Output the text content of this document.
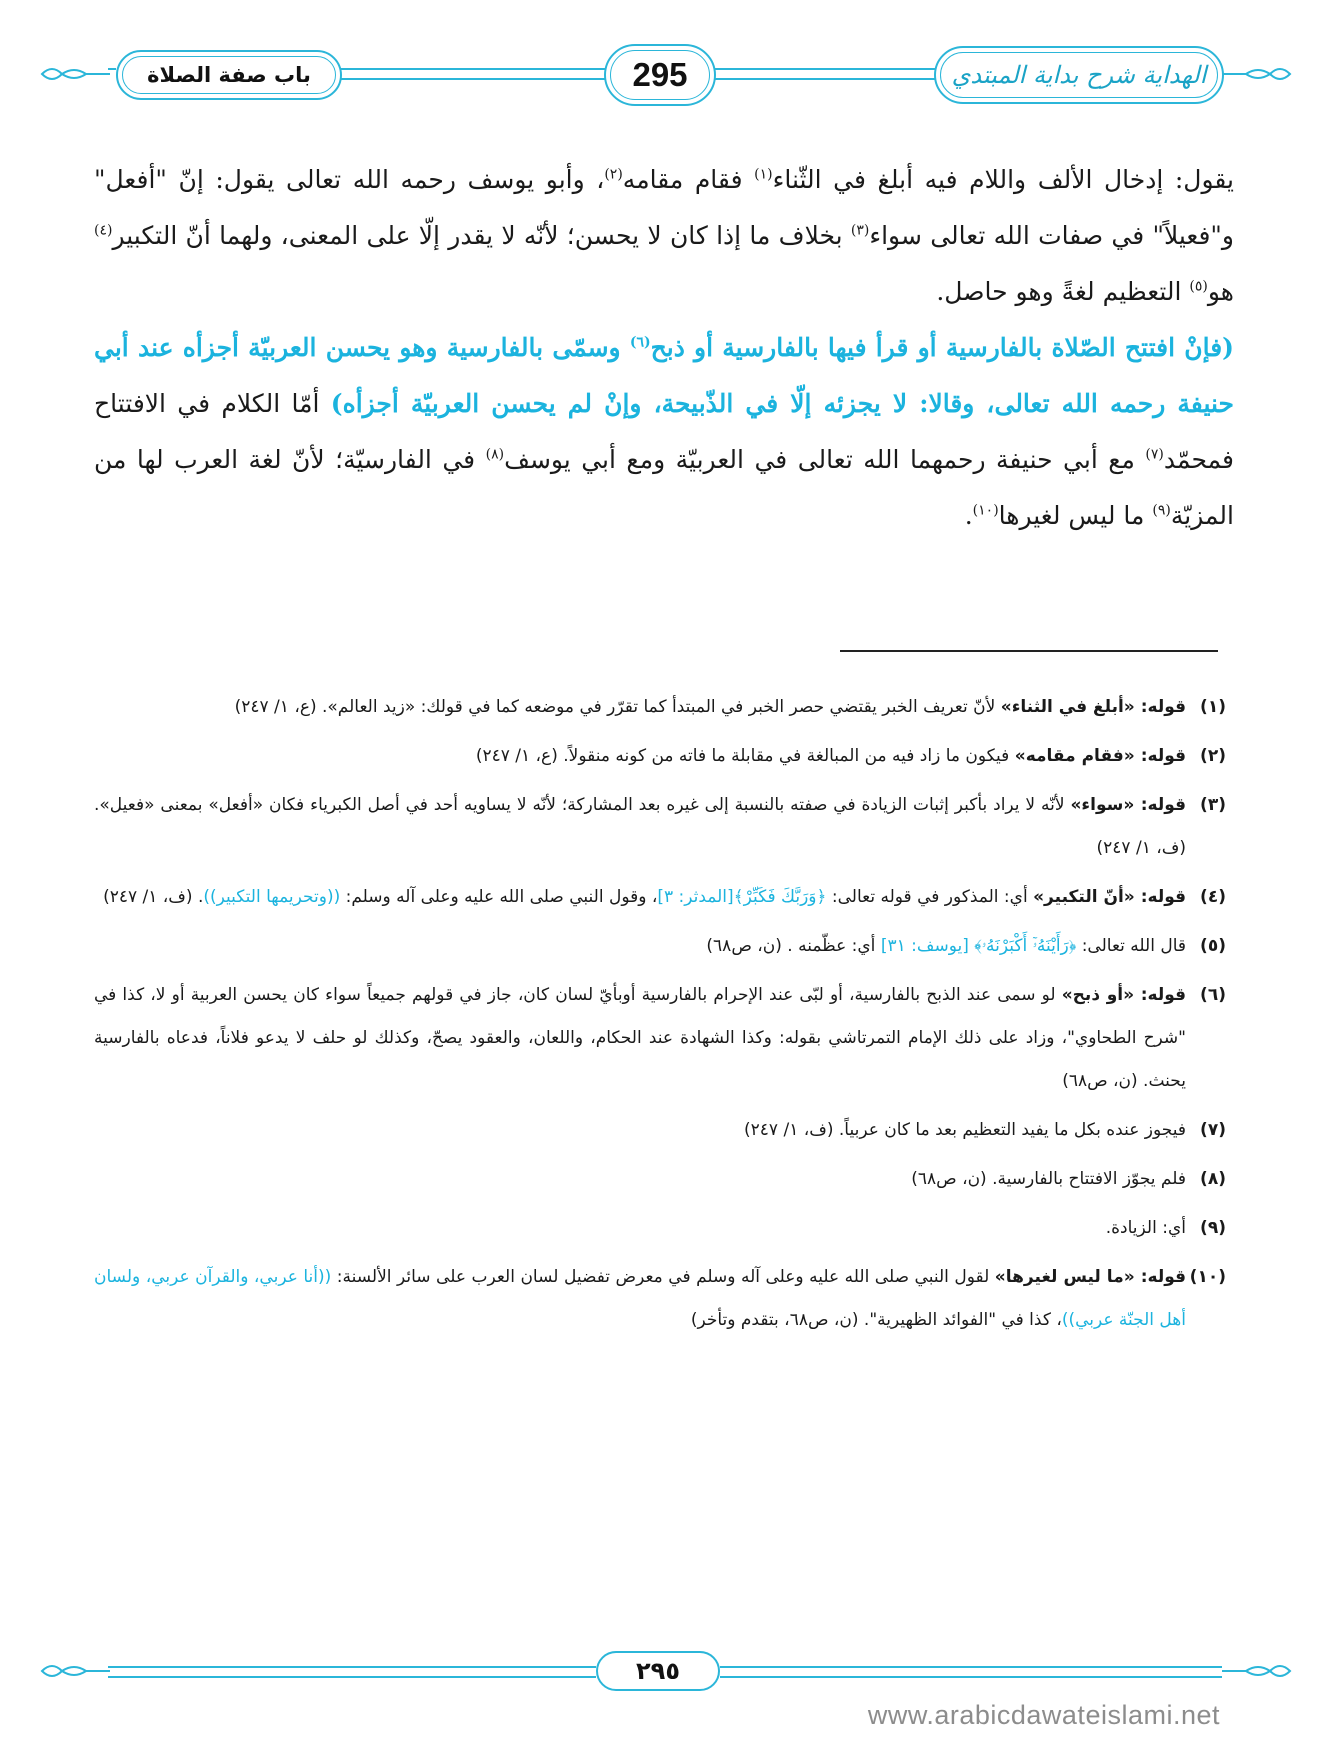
باب صفة الصلاة	295	الهداية شرح بداية المبتدي

يقول: إدخال الألف واللام فيه أبلغ في الثّناء$^{(١)}$ فقام مقامه$^{(٢)}$، وأبو يوسف رحمه الله تعالى يقول: إنّ "أفعل" و"فعيلاً" في صفات الله تعالى سواء$^{(٣)}$ بخلاف ما إذا كان لا يحسن؛ لأنّه لا يقدر إلّا على المعنى، ولهما أنّ التكبير$^{(٤)}$ هو$^{(٥)}$ التعظيم لغةً وهو حاصل.

(فإنْ افتتح الصّلاة بالفارسية أو قرأ فيها بالفارسية أو ذبح$^{(٦)}$ وسمّى بالفارسية وهو يحسن العربيّة أجزأه عند أبي حنيفة رحمه الله تعالى، وقالا: لا يجزئه إلّا في الذّبيحة، وإنْ لم يحسن العربيّة أجزأه) أمّا الكلام في الافتتاح فمحمّد$^{(٧)}$ مع أبي حنيفة رحمهما الله تعالى في العربيّة ومع أبي يوسف$^{(٨)}$ في الفارسيّة؛ لأنّ لغة العرب لها من المزيّة$^{(٩)}$ ما ليس لغيرها$^{(١٠)}$.

(١)
قوله: «أبلغ في الثناء» لأنّ تعريف الخبر يقتضي حصر الخبر في المبتدأ كما تقرّر في موضعه كما في قولك: «زيد العالم». (ع، ١/ ٢٤٧)
(٢)
قوله: «فقام مقامه» فيكون ما زاد فيه من المبالغة في مقابلة ما فاته من كونه منقولاً. (ع، ١/ ٢٤٧)
(٣)
قوله: «سواء» لأنّه لا يراد بأكبر إثبات الزيادة في صفته بالنسبة إلى غيره بعد المشاركة؛ لأنّه لا يساويه أحد في أصل الكبرياء فكان «أفعل» بمعنى «فعيل». (ف، ١/ ٢٤٧)
(٤)
قوله: «أنّ التكبير» أي: المذكور في قوله تعالى: ﴿وَرَبَّكَ فَكَبِّرْ﴾[المدثر: ٣]، وقول النبي صلى الله عليه وعلى آله وسلم: ((وتحريمها التكبير)). (ف، ١/ ٢٤٧)
(٥)
قال الله تعالى: ﴿رَأَيْنَهُۥٓ أَكْبَرْنَهُۥ﴾ [يوسف: ٣١] أي: عظّمنه . (ن، ص٦٨)
(٦)
قوله: «أو ذبح» لو سمى عند الذبح بالفارسية، أو لبّى عند الإحرام بالفارسية أوبأيّ لسان كان، جاز في قولهم جميعاً سواء كان يحسن العربية أو لا، كذا في "شرح الطحاوي"، وزاد على ذلك الإمام التمرتاشي بقوله: وكذا الشهادة عند الحكام، واللعان، والعقود يصحّ، وكذلك لو حلف لا يدعو فلاناً، فدعاه بالفارسية يحنث. (ن، ص٦٨)
(٧)
فيجوز عنده بكل ما يفيد التعظيم بعد ما كان عربياً. (ف، ١/ ٢٤٧)
(٨)
فلم يجوّز الافتتاح بالفارسية. (ن، ص٦٨)
(٩)
أي: الزيادة.
(١٠)
قوله: «ما ليس لغيرها» لقول النبي صلى الله عليه وعلى آله وسلم في معرض تفضيل لسان العرب على سائر الألسنة: ((أنا عربي، والقرآن عربي، ولسان أهل الجنّة عربي))، كذا في "الفوائد الظهيرية". (ن، ص٦٨، بتقدم وتأخر)
٢٩٥
www.arabicdawateislami.net
